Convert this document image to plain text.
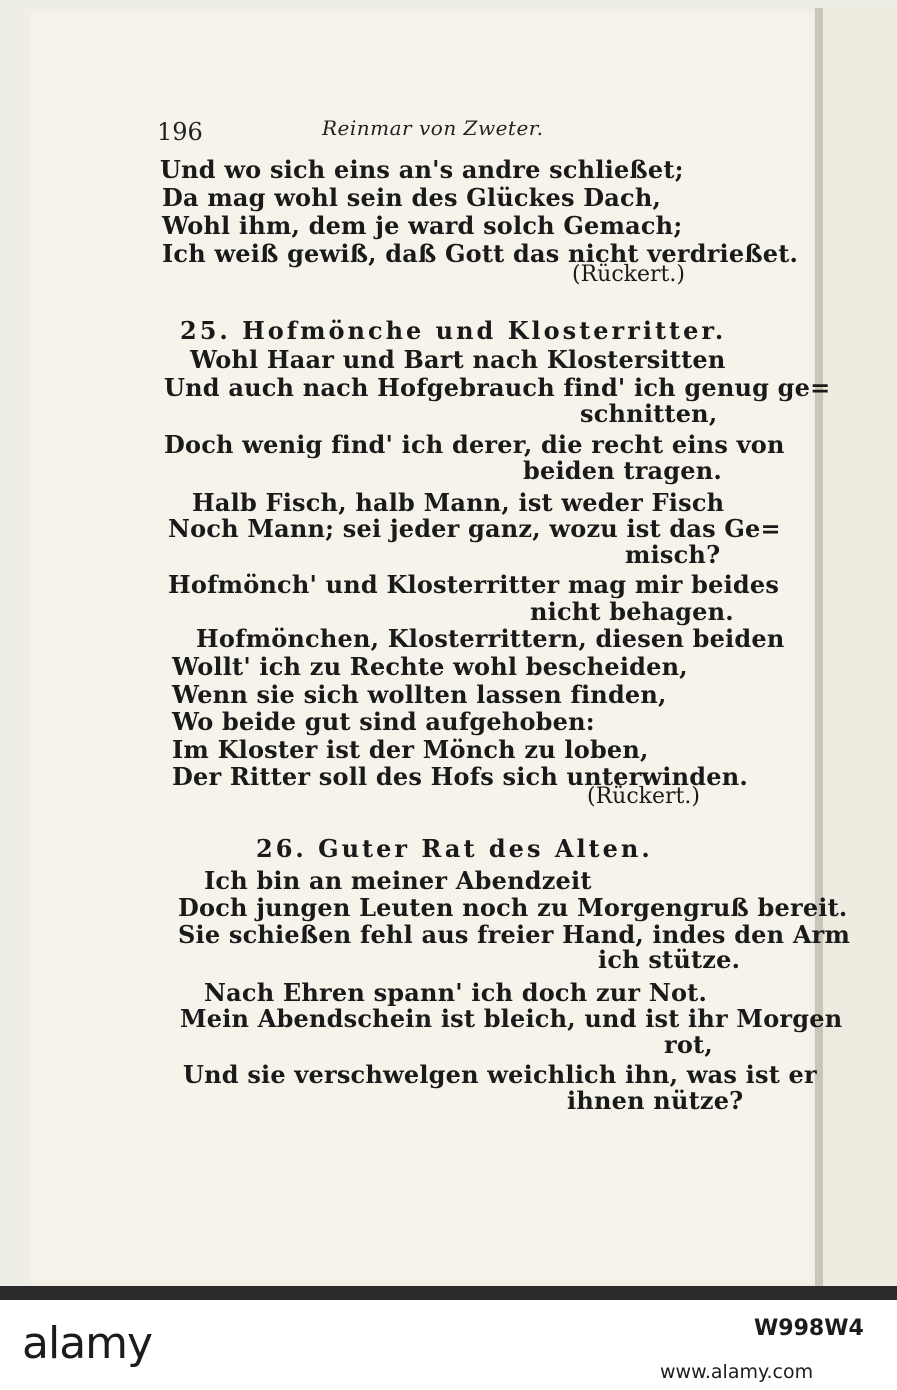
196	Reinmar von Zweter.
Und wo sich eins an's andre schließet;
Da mag wohl sein des Glückes Dach,
Wohl ihm, dem je ward solch Gemach;
Ich weiß gewiß, daß Gott das nicht verdrießet.
(Rückert.)
25. Hofmönche und Klosterritter.
Wohl Haar und Bart nach Klostersitten
Und auch nach Hofgebrauch find' ich genug ge=
schnitten,
Doch wenig find' ich derer, die recht eins von
beiden tragen.
Halb Fisch, halb Mann, ist weder Fisch
Noch Mann; sei jeder ganz, wozu ist das Ge=
misch?
Hofmönch' und Klosterritter mag mir beides
nicht behagen.
Hofmönchen, Klosterrittern, diesen beiden
Wollt' ich zu Rechte wohl bescheiden,
Wenn sie sich wollten lassen finden,
Wo beide gut sind aufgehoben:
Im Kloster ist der Mönch zu loben,
Der Ritter soll des Hofs sich unterwinden.
(Rückert.)
26. Guter Rat des Alten.
Ich bin an meiner Abendzeit
Doch jungen Leuten noch zu Morgengruß bereit.
Sie schießen fehl aus freier Hand, indes den Arm
ich stütze.
Nach Ehren spann' ich doch zur Not.
Mein Abendschein ist bleich, und ist ihr Morgen
rot,
Und sie verschwelgen weichlich ihn, was ist er
ihnen nütze?
alamy	W998W4
www.alamy.com
